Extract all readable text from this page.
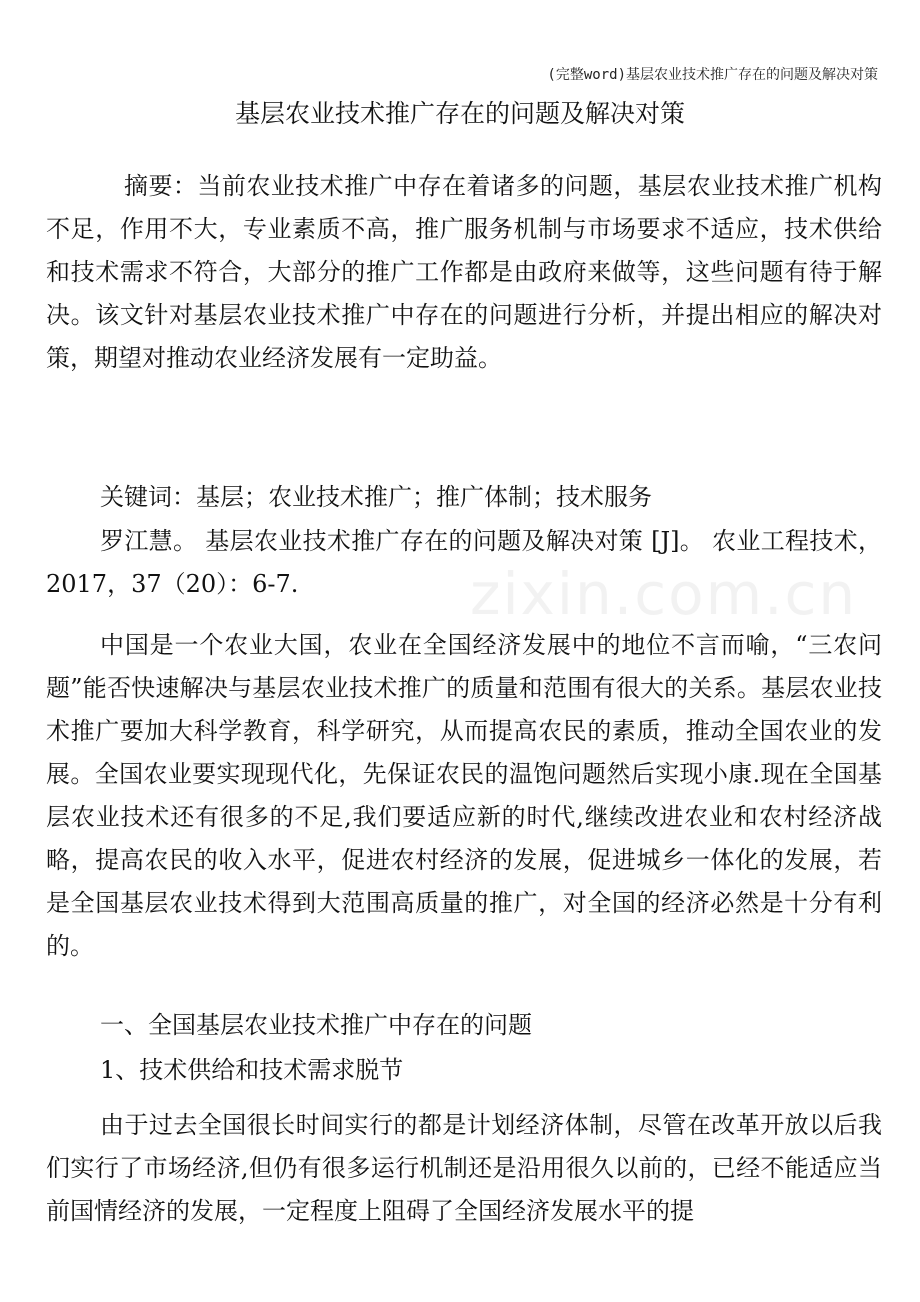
(完整word)基层农业技术推广存在的问题及解决对策
基层农业技术推广存在的问题及解决对策
摘要：当前农业技术推广中存在着诸多的问题，基层农业技术推广机构不足，作用不大，专业素质不高，推广服务机制与市场要求不适应，技术供给和技术需求不符合，大部分的推广工作都是由政府来做等，这些问题有待于解决。该文针对基层农业技术推广中存在的问题进行分析，并提出相应的解决对策，期望对推动农业经济发展有一定助益。
关键词：基层；农业技术推广；推广体制；技术服务
罗江慧。 基层农业技术推广存在的问题及解决对策 [J]。 农业工程技术，2017，37（20）：6-7.
中国是一个农业大国，农业在全国经济发展中的地位不言而喻，“三农问题”能否快速解决与基层农业技术推广的质量和范围有很大的关系。基层农业技术推广要加大科学教育，科学研究，从而提高农民的素质，推动全国农业的发展。全国农业要实现现代化，先保证农民的温饱问题然后实现小康.现在全国基层农业技术还有很多的不足,我们要适应新的时代,继续改进农业和农村经济战略，提高农民的收入水平，促进农村经济的发展，促进城乡一体化的发展，若是全国基层农业技术得到大范围高质量的推广，对全国的经济必然是十分有利的。
一、全国基层农业技术推广中存在的问题
1、技术供给和技术需求脱节
由于过去全国很长时间实行的都是计划经济体制，尽管在改革开放以后我们实行了市场经济,但仍有很多运行机制还是沿用很久以前的，已经不能适应当前国情经济的发展，一定程度上阻碍了全国经济发展水平的提
zixin.com.cn
